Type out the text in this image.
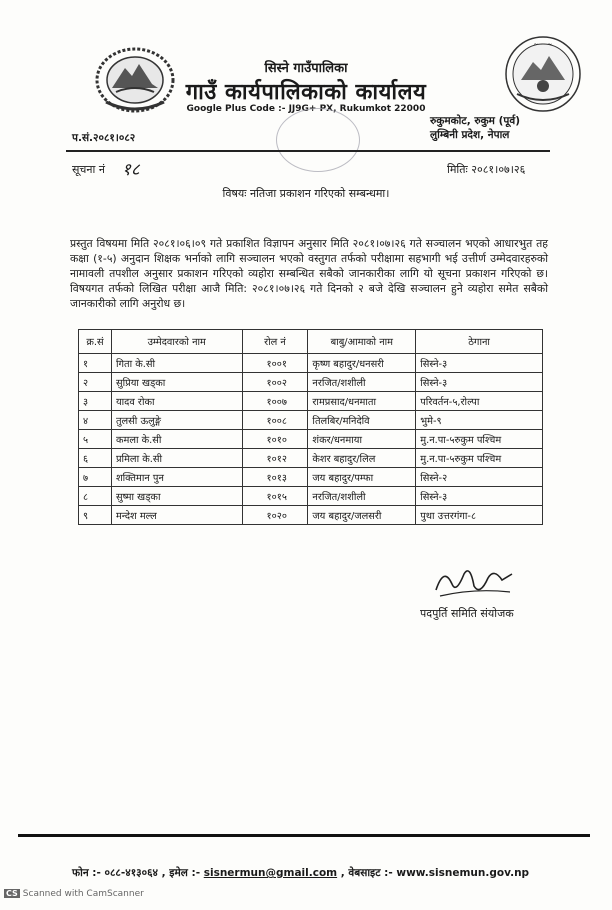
~ ~ ~
सिस्ने गाउँपालिका
गाउँ कार्यपालिकाको कार्यालय
Google Plus Code :- JJ9G+ PX, Rukumkot 22000
रुकुमकोट, रुकुम (पूर्व)
लुम्बिनी प्रदेश, नेपाल
प.सं.२०८१।०८२
सूचना नं १८	मितिः २०८१।०७।२६
विषयः नतिजा प्रकाशन गरिएको सम्बन्धमा।
प्रस्तुत विषयमा मिति २०८१।०६।०९ गते प्रकाशित विज्ञापन अनुसार मिति २०८१।०७।२६ गते सञ्चालन भएको आधारभुत तह कक्षा (१-५) अनुदान शिक्षक भर्नाको लागि सञ्चालन भएको वस्तुगत तर्फको परीक्षामा सहभागी भई उत्तीर्ण उम्मेदवारहरुको नामावली तपशील अनुसार प्रकाशन गरिएको व्यहोरा सम्बन्धित सबैको जानकारीका लागि यो सूचना प्रकाशन गरिएको छ। विषयगत तर्फको लिखित परीक्षा आजै मिति: २०८१।०७।२६ गते दिनको २ बजे देखि सञ्चालन हुने व्यहोरा समेत सबैको जानकारीको लागि अनुरोध छ।
क्र.सं	उम्मेदवारको नाम	रोल नं	बाबु/आमाको नाम	ठेगाना
१	गिता के.सी	१००१	कृष्ण बहादुर/धनसरी	सिस्ने-३
२	सुप्रिया खड्का	१००२	नरजित/शशीली	सिस्ने-३
३	यादव रोका	१००७	रामप्रसाद/धनमाता	परिवर्तन-५,रोल्पा
४	तुलसी ऊलुङ्गे	१००८	तिलबिर/मनिदेवि	भुमे-९
५	कमला के.सी	१०१०	शंकर/धनमाया	मु.न.पा-५रुकुम पश्चिम
६	प्रमिला के.सी	१०१२	केशर बहादुर/लिल	मु.न.पा-५रुकुम पश्चिम
७	शक्तिमान पुन	१०१३	जय बहादुर/पम्फा	सिस्ने-२
८	सुष्मा खड्का	१०१५	नरजित/शशीली	सिस्ने-३
९	मन्देश मल्ल	१०२०	जय बहादुर/जलसरी	पुथा उत्तरगंगा-८
पदपुर्ति समिति संयोजक
फोन :- ०८८-४१३०६४ , इमेल :- sisnermun@gmail.com , वेबसाइट :- www.sisnemun.gov.np
CS Scanned with CamScanner
